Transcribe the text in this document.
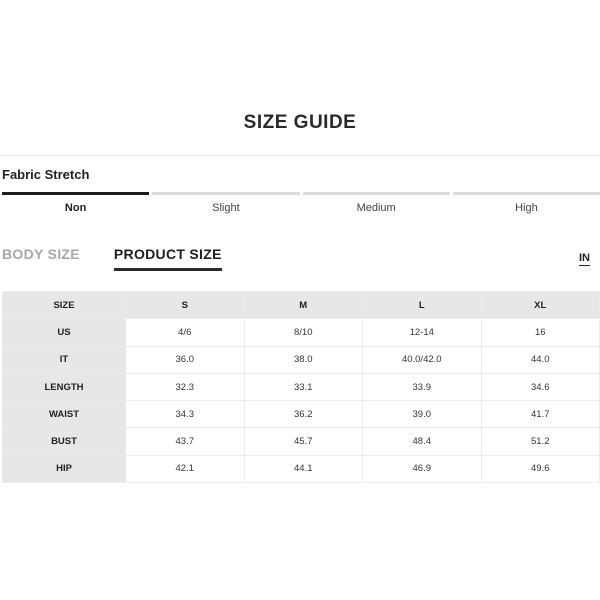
SIZE GUIDE
Fabric Stretch
Non	Slight	Medium	High
BODY SIZE PRODUCT SIZE	IN
SIZE	S	M	L	XL
US	4/6	8/10	12-14	16
IT	36.0	38.0	40.0/42.0	44.0
LENGTH	32.3	33.1	33.9	34.6
WAIST	34.3	36.2	39.0	41.7
BUST	43.7	45.7	48.4	51.2
HIP	42.1	44.1	46.9	49.6
